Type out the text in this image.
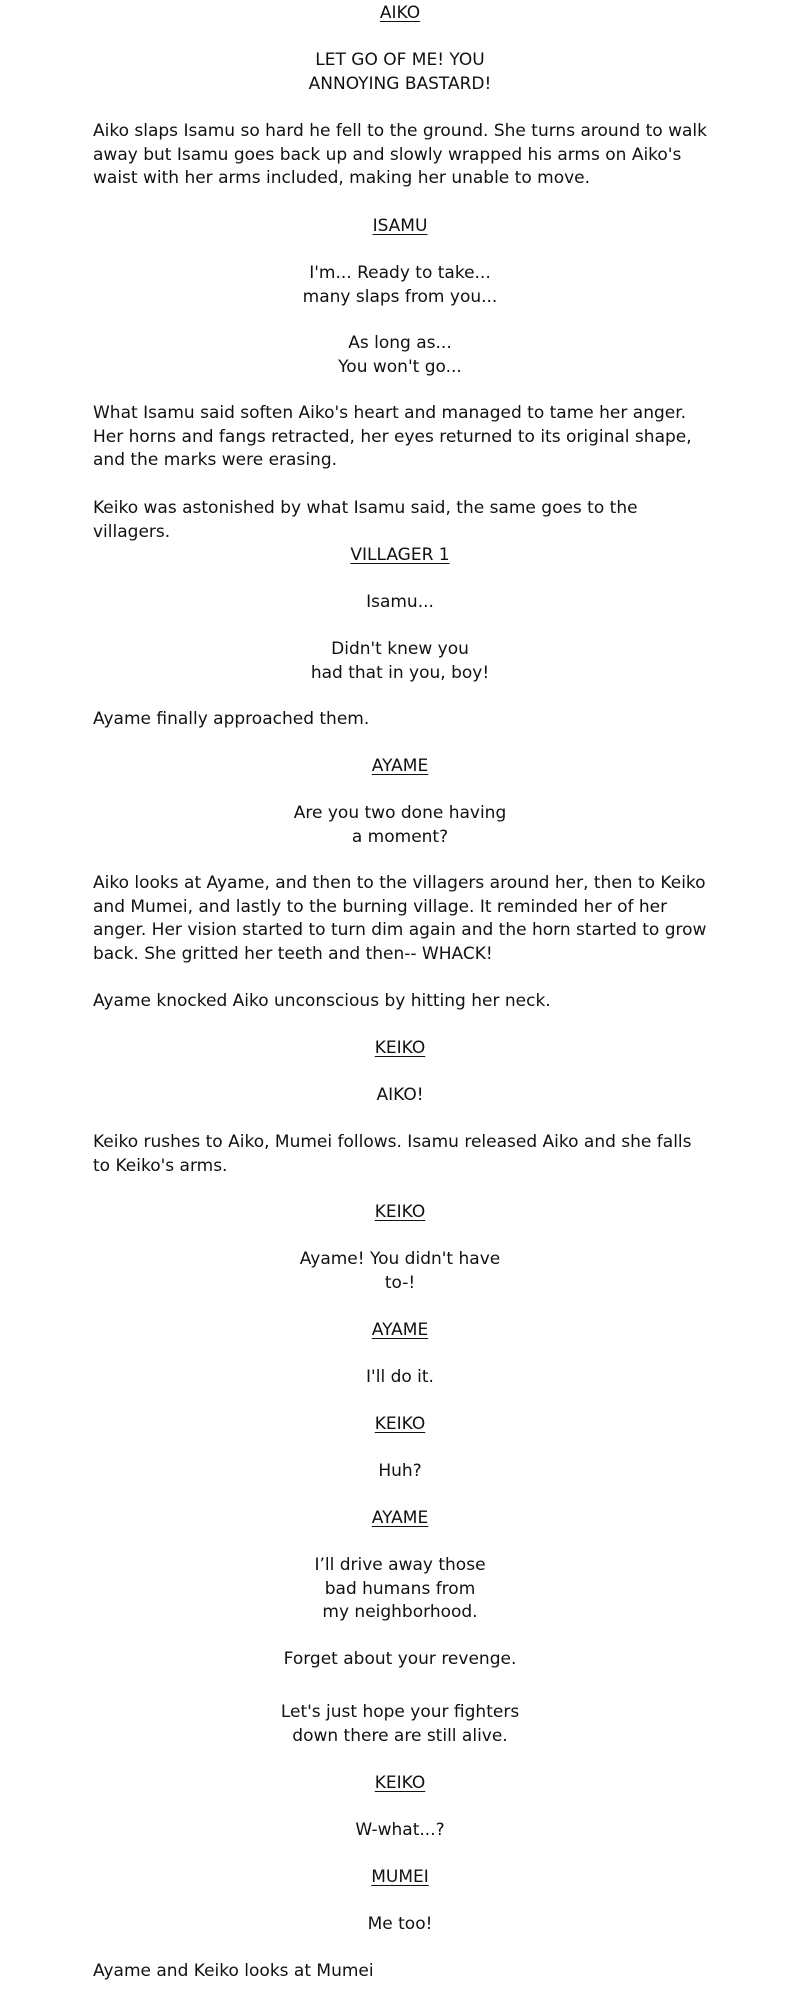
AIKO
LET GO OF ME! YOU
ANNOYING BASTARD!
Aiko slaps Isamu so hard he fell to the ground. She turns around to walk away but Isamu goes back up and slowly wrapped his arms on Aiko's waist with her arms included, making her unable to move.
ISAMU
I'm... Ready to take...
many slaps from you...
As long as...
You won't go...
What Isamu said soften Aiko's heart and managed to tame her anger. Her horns and fangs retracted, her eyes returned to its original shape, and the marks were erasing.
Keiko was astonished by what Isamu said, the same goes to the villagers.
VILLAGER 1
Isamu...
Didn't knew you
had that in you, boy!
Ayame finally approached them.
AYAME
Are you two done having
a moment?
Aiko looks at Ayame, and then to the villagers around her, then to Keiko and Mumei, and lastly to the burning village. It reminded her of her anger. Her vision started to turn dim again and the horn started to grow back. She gritted her teeth and then-- WHACK!
Ayame knocked Aiko unconscious by hitting her neck.
KEIKO
AIKO!
Keiko rushes to Aiko, Mumei follows. Isamu released Aiko and she falls to Keiko's arms.
KEIKO
Ayame! You didn't have
to-!
AYAME
I'll do it.
KEIKO
Huh?
AYAME
I’ll drive away those
bad humans from
my neighborhood.
Forget about your revenge.
Let's just hope your fighters
down there are still alive.
KEIKO
W-what...?
MUMEI
Me too!
Ayame and Keiko looks at Mumei
